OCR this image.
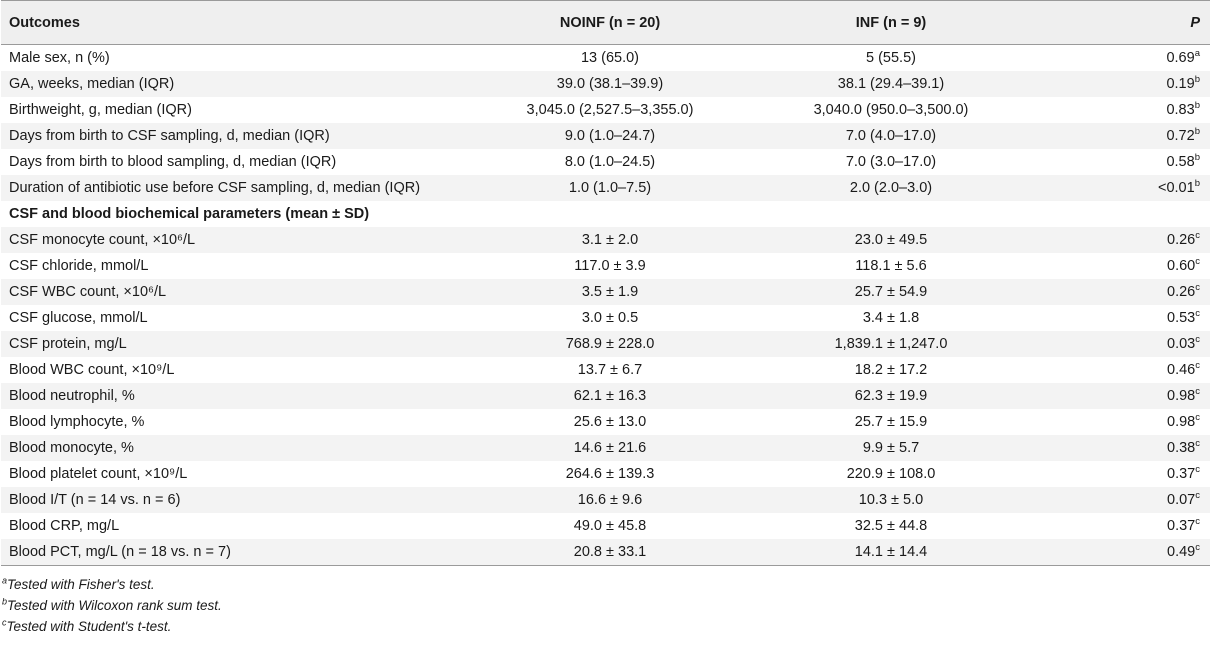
Outcomes	NOINF (n = 20)	INF (n = 9)	P
Male sex, n (%)	13 (65.0)	5 (55.5)	0.69$^a$
GA, weeks, median (IQR)	39.0 (38.1–39.9)	38.1 (29.4–39.1)	0.19$^b$
Birthweight, g, median (IQR)	3,045.0 (2,527.5–3,355.0)	3,040.0 (950.0–3,500.0)	0.83$^b$
Days from birth to CSF sampling, d, median (IQR)	9.0 (1.0–24.7)	7.0 (4.0–17.0)	0.72$^b$
Days from birth to blood sampling, d, median (IQR)	8.0 (1.0–24.5)	7.0 (3.0–17.0)	0.58$^b$
Duration of antibiotic use before CSF sampling, d, median (IQR)	1.0 (1.0–7.5)	2.0 (2.0–3.0)	<0.01$^b$
CSF and blood biochemical parameters (mean ± SD)			
CSF monocyte count, ×10⁶/L	3.1 ± 2.0	23.0 ± 49.5	0.26$^c$
CSF chloride, mmol/L	117.0 ± 3.9	118.1 ± 5.6	0.60$^c$
CSF WBC count, ×10⁶/L	3.5 ± 1.9	25.7 ± 54.9	0.26$^c$
CSF glucose, mmol/L	3.0 ± 0.5	3.4 ± 1.8	0.53$^c$
CSF protein, mg/L	768.9 ± 228.0	1,839.1 ± 1,247.0	0.03$^c$
Blood WBC count, ×10⁹/L	13.7 ± 6.7	18.2 ± 17.2	0.46$^c$
Blood neutrophil, %	62.1 ± 16.3	62.3 ± 19.9	0.98$^c$
Blood lymphocyte, %	25.6 ± 13.0	25.7 ± 15.9	0.98$^c$
Blood monocyte, %	14.6 ± 21.6	9.9 ± 5.7	0.38$^c$
Blood platelet count, ×10⁹/L	264.6 ± 139.3	220.9 ± 108.0	0.37$^c$
Blood I/T (n = 14 vs. n = 6)	16.6 ± 9.6	10.3 ± 5.0	0.07$^c$
Blood CRP, mg/L	49.0 ± 45.8	32.5 ± 44.8	0.37$^c$
Blood PCT, mg/L (n = 18 vs. n = 7)	20.8 ± 33.1	14.1 ± 14.4	0.49$^c$
$^a$Tested with Fisher's test.
$^b$Tested with Wilcoxon rank sum test.
$^c$Tested with Student's t-test.
